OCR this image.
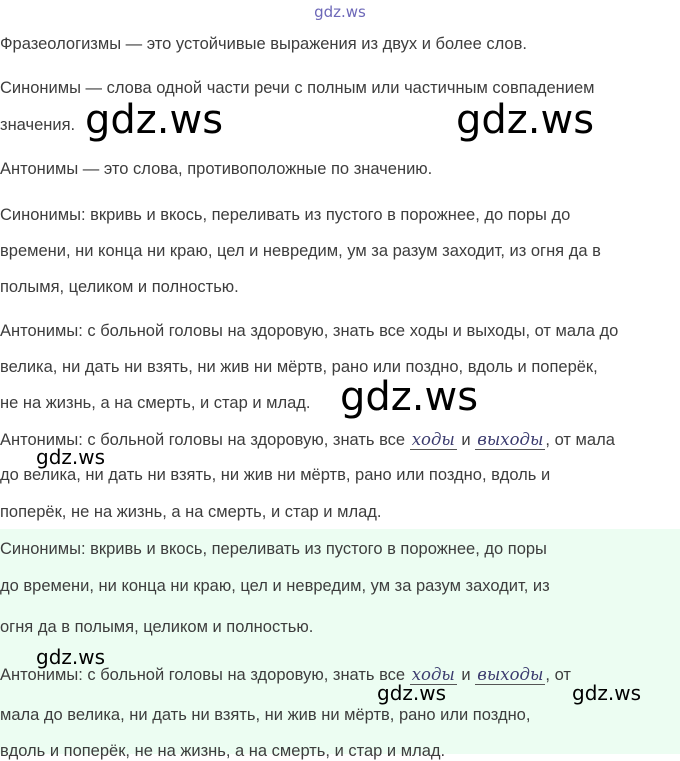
gdz.ws

Фразеологизмы — это устойчивые выражения из двух и более слов.

Синонимы — слова одной части речи с полным или частичным совпадением

значения.

Антонимы — это слова, противоположные по значению.

Синонимы: вкривь и вкось, переливать из пустого в порожнее, до поры до

времени, ни конца ни краю, цел и невредим, ум за разум заходит, из огня да в

полымя, целиком и полностью.

Антонимы: с больной головы на здоровую, знать все ходы и выходы, от мала до

велика, ни дать ни взять, ни жив ни мёртв, рано или поздно, вдоль и поперёк,

не на жизнь, а на смерть, и стар и млад.

Антонимы: с больной головы на здоровую, знать все ходы и выходы , от мала

до велика, ни дать ни взять, ни жив ни мёртв, рано или поздно, вдоль и

поперёк, не на жизнь, а на смерть, и стар и млад.

Синонимы: вкривь и вкось, переливать из пустого в порожнее, до поры

до времени, ни конца ни краю, цел и невредим, ум за разум заходит, из

огня да в полымя, целиком и полностью.

Антонимы: с больной головы на здоровую, знать все ходы и выходы , от

мала до велика, ни дать ни взять, ни жив ни мёртв, рано или поздно,

вдоль и поперёк, не на жизнь, а на смерть, и стар и млад.

gdz.ws	gdz.ws
gdz.ws
gdz.ws
gdz.ws
gdz.ws	gdz.ws
